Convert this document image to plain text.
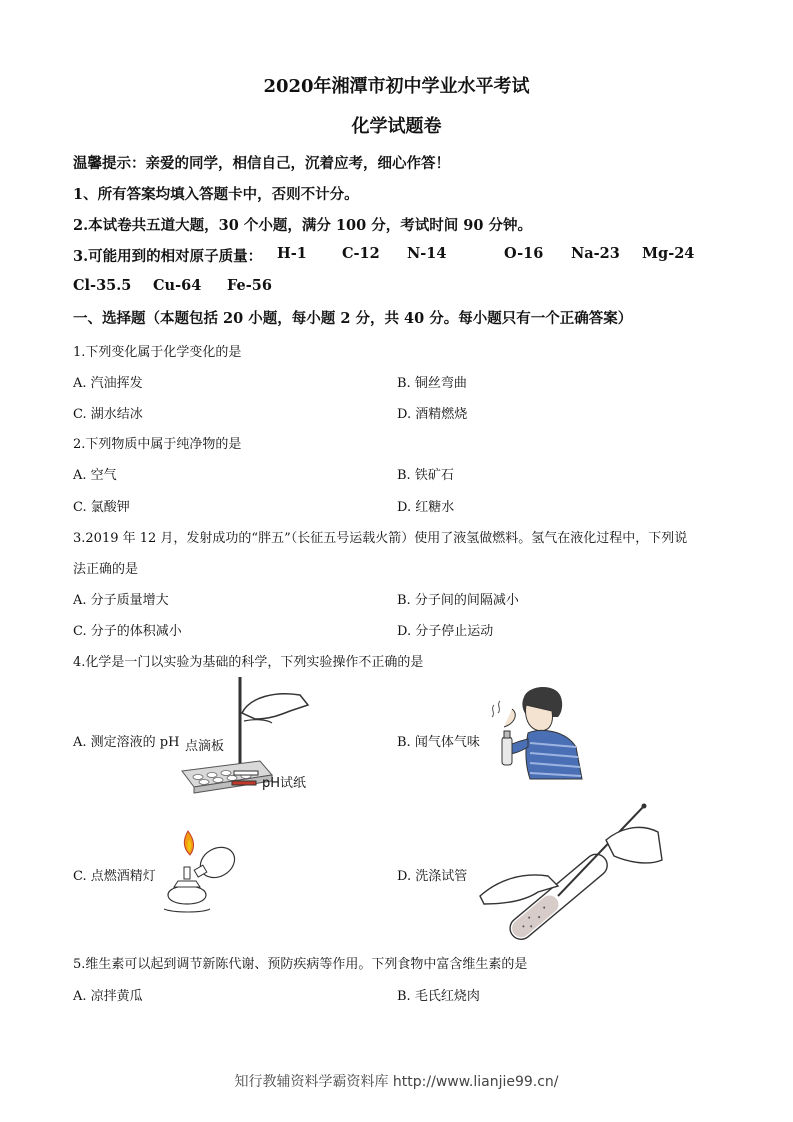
2020年湘潭市初中学业水平考试
化学试题卷
温馨提示：亲爱的同学，相信自己，沉着应考，细心作答！
1、所有答案均填入答题卡中，否则不计分。
2.本试卷共五道大题，30 个小题，满分 100 分，考试时间 90 分钟。
3.可能用到的相对原子质量： H-1 C-12 N-14	O-16 Na-23 Mg-24
Cl-35.5 Cu-64 Fe-56
一、选择题（本题包括 20 小题，每小题 2 分，共 40 分。每小题只有一个正确答案）
1.下列变化属于化学变化的是
A. 汽油挥发	B. 铜丝弯曲
C. 湖水结冰	D. 酒精燃烧
2.下列物质中属于纯净物的是
A. 空气	B. 铁矿石
C. 氯酸钾	D. 红糖水
3.2019 年 12 月，发射成功的“胖五”（长征五号运载火箭）使用了液氢做燃料。氢气在液化过程中，下列说
法正确的是
A. 分子质量增大	B. 分子间的间隔减小
C. 分子的体积减小	D. 分子停止运动
4.化学是一门以实验为基础的科学，下列实验操作不正确的是
A. 测定溶液的 pH	B. 闻气体气味
C. 点燃酒精灯	D. 洗涤试管
点滴板
pH试纸
5.维生素可以起到调节新陈代谢、预防疾病等作用。下列食物中富含维生素的是
A. 凉拌黄瓜	B. 毛氏红烧肉
知行教辅资料学霸资料库 http://www.lianjie99.cn/
